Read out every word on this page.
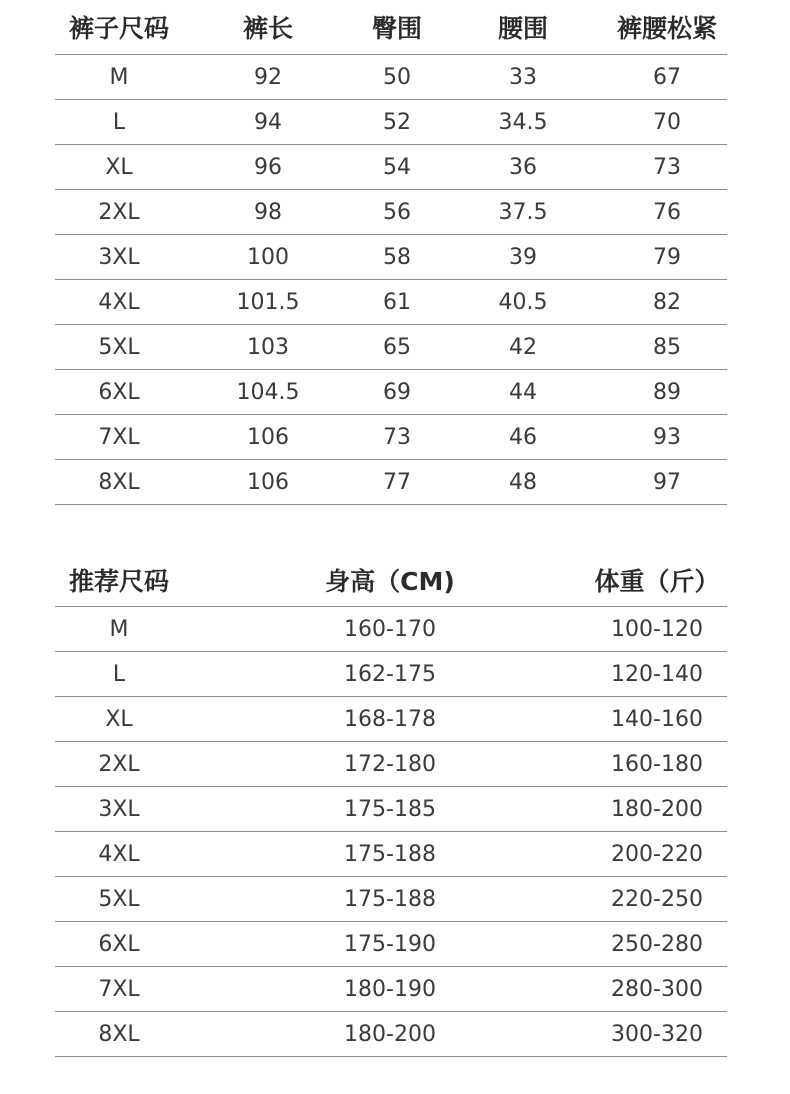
裤子尺码	裤长	臀围	腰围	裤腰松紧
M	92	50	33	67
L	94	52	34.5	70
XL	96	54	36	73
2XL	98	56	37.5	76
3XL	100	58	39	79
4XL	101.5	61	40.5	82
5XL	103	65	42	85
6XL	104.5	69	44	89
7XL	106	73	46	93
8XL	106	77	48	97
推荐尺码	身高（CM)	体重（斤）
M	160-170	100-120
L	162-175	120-140
XL	168-178	140-160
2XL	172-180	160-180
3XL	175-185	180-200
4XL	175-188	200-220
5XL	175-188	220-250
6XL	175-190	250-280
7XL	180-190	280-300
8XL	180-200	300-320
